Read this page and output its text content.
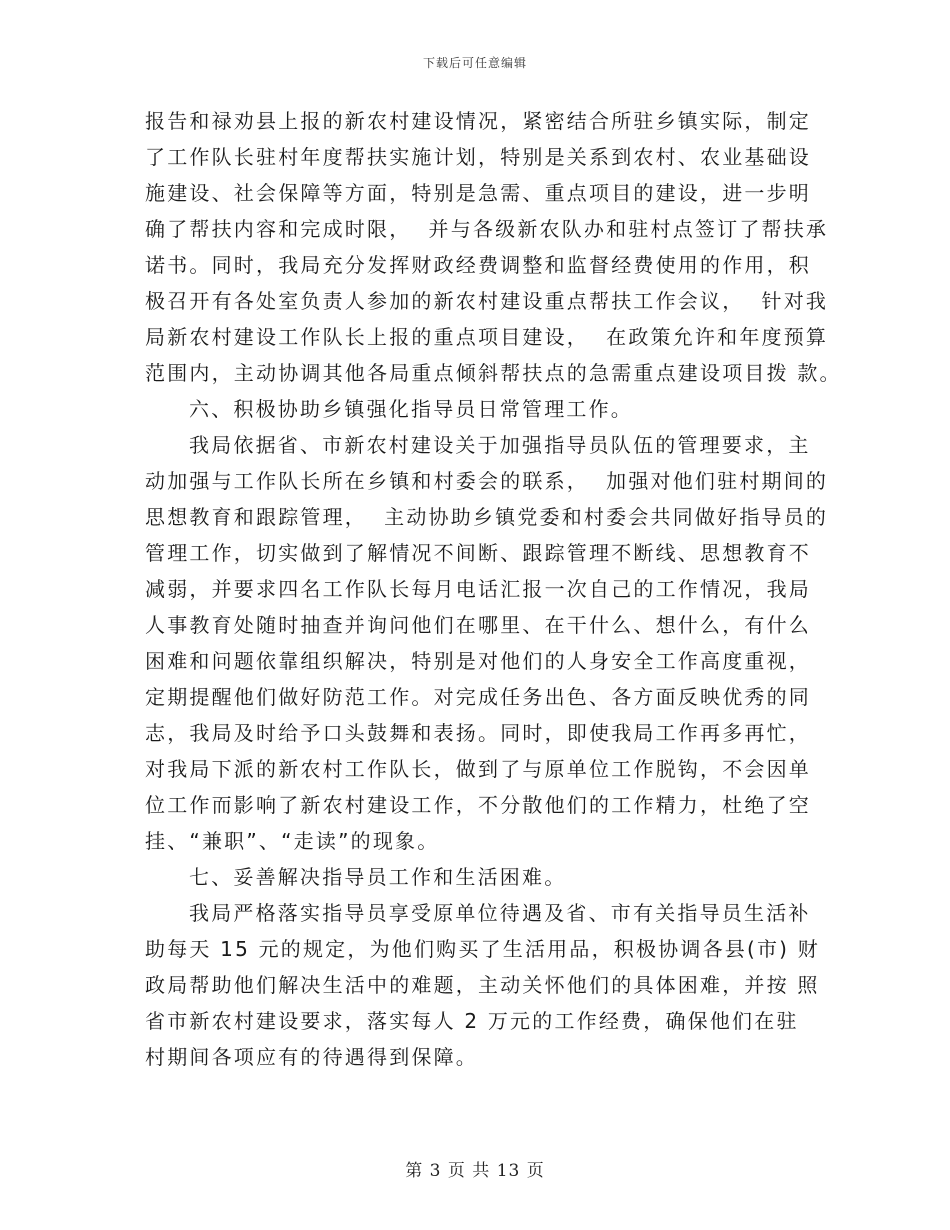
下载后可任意编辑
报告和禄劝县上报的新农村建设情况，紧密结合所驻乡镇实际，制定
了工作队长驻村年度帮扶实施计划，特别是关系到农村、农业基础设
施建设、社会保障等方面，特别是急需、重点项目的建设，进一步明
确了帮扶内容和完成时限，  并与各级新农队办和驻村点签订了帮扶承
诺书。同时，我局充分发挥财政经费调整和监督经费使用的作用，积
极召开有各处室负责人参加的新农村建设重点帮扶工作会议，  针对我
局新农村建设工作队长上报的重点项目建设，  在政策允许和年度预算
范围内，主动协调其他各局重点倾斜帮扶点的急需重点建设项目拨 款。
六、积极协助乡镇强化指导员日常管理工作。
我局依据省、市新农村建设关于加强指导员队伍的管理要求，主
动加强与工作队长所在乡镇和村委会的联系，  加强对他们驻村期间的
思想教育和跟踪管理，  主动协助乡镇党委和村委会共同做好指导员的
管理工作，切实做到了解情况不间断、跟踪管理不断线、思想教育不
减弱，并要求四名工作队长每月电话汇报一次自己的工作情况，我局
人事教育处随时抽查并询问他们在哪里、在干什么、想什么，有什么
困难和问题依靠组织解决，特别是对他们的人身安全工作高度重视，
定期提醒他们做好防范工作。对完成任务出色、各方面反映优秀的同
志，我局及时给予口头鼓舞和表扬。同时，即使我局工作再多再忙，
对我局下派的新农村工作队长，做到了与原单位工作脱钩，不会因单
位工作而影响了新农村建设工作，不分散他们的工作精力，杜绝了空
挂、“兼职”、“走读”的现象。
七、妥善解决指导员工作和生活困难。
我局严格落实指导员享受原单位待遇及省、市有关指导员生活补
助每天 15 元的规定，为他们购买了生活用品，积极协调各县(市) 财
政局帮助他们解决生活中的难题，主动关怀他们的具体困难，并按 照
省市新农村建设要求，落实每人 2 万元的工作经费，确保他们在驻
村期间各项应有的待遇得到保障。
第 3 页 共 13 页
